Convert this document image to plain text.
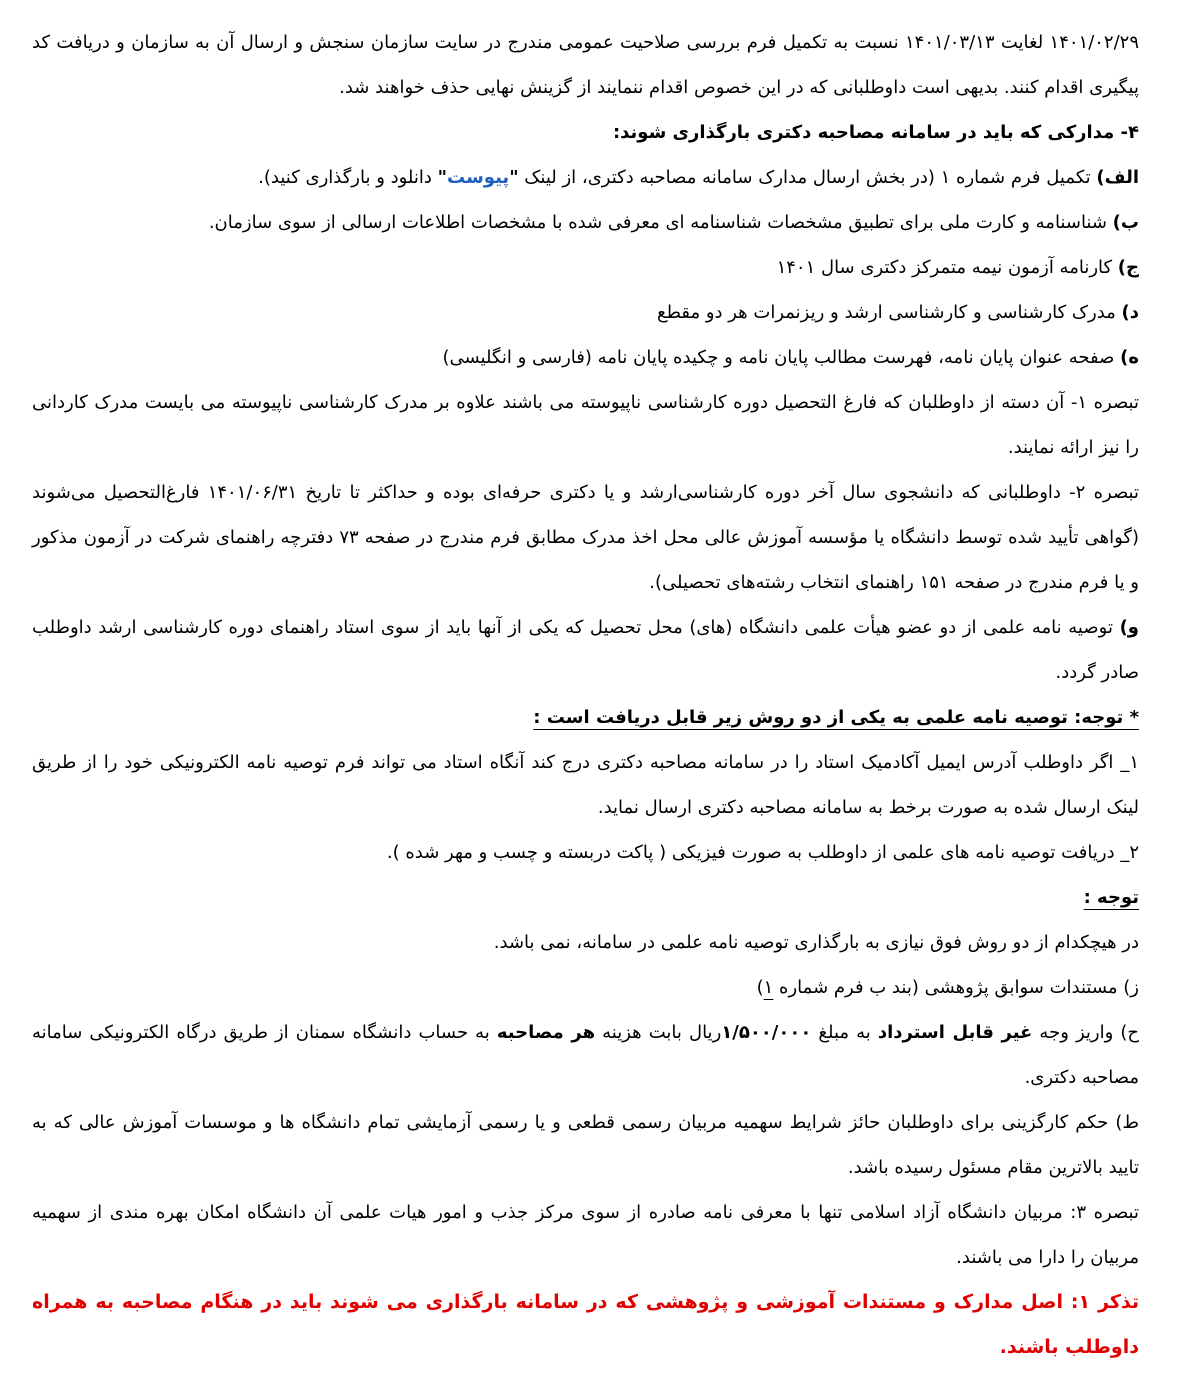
۱۴۰۱/۰۲/۲۹ لغایت ۱۴۰۱/۰۳/۱۳ نسبت به تکمیل فرم بررسی صلاحیت عمومی مندرج در سایت سازمان سنجش و ارسال آن به سازمان و دریافت کد پیگیری اقدام کنند. بدیهی است داوطلبانی که در این خصوص اقدام ننمایند از گزینش نهایی حذف خواهند شد.

۴- مدارکی که باید در سامانه مصاحبه دکتری بارگذاری شوند:

الف) تکمیل فرم شماره ۱ (در بخش ارسال مدارک سامانه مصاحبه دکتری، از لینک "پیوست" دانلود و بارگذاری کنید).

ب) شناسنامه و کارت ملی برای تطبیق مشخصات شناسنامه ای معرفی شده با مشخصات اطلاعات ارسالی از سوی سازمان.

ج) کارنامه آزمون نیمه متمرکز دکتری سال ۱۴۰۱

د) مدرک کارشناسی و کارشناسی ارشد و ریزنمرات هر دو مقطع

ه) صفحه عنوان پایان نامه، فهرست مطالب پایان نامه و چکیده پایان نامه (فارسی و انگلیسی)

تبصره ۱- آن دسته از داوطلبان که فارغ التحصیل دوره کارشناسی ناپیوسته می باشند علاوه بر مدرک کارشناسی ناپیوسته می بایست مدرک کاردانی را نیز ارائه نمایند.

تبصره ۲- داوطلبانی که دانشجوی سال آخر دوره کارشناسی‌ارشد و یا دکتری حرفه‌ای بوده و حداکثر تا تاریخ ۱۴۰۱/۰۶/۳۱ فارغ‌التحصیل می‌شوند (گواهی تأیید شده توسط دانشگاه یا مؤسسه آموزش عالی محل اخذ مدرک مطابق فرم مندرج در صفحه ۷۳ دفترچه راهنمای شرکت در آزمون مذکور و یا فرم مندرج در صفحه ۱۵۱ راهنمای انتخاب رشته‌های تحصیلی).

و) توصیه نامه علمی از دو عضو هیأت علمی دانشگاه (های) محل تحصیل که یکی از آنها باید از سوی استاد راهنمای دوره کارشناسی ارشد داوطلب صادر گردد.

* توجه: توصیه نامه علمی به یکی از دو روش زیر قابل دریافت است :

۱_ اگر داوطلب آدرس ایمیل آکادمیک استاد را در سامانه مصاحبه دکتری درج کند آنگاه استاد می تواند فرم توصیه نامه الکترونیکی خود را از طریق لینک ارسال شده به صورت برخط به سامانه مصاحبه دکتری ارسال نماید.

۲_ دریافت توصیه نامه های علمی از داوطلب به صورت فیزیکی ( پاکت دربسته و چسب و مهر شده ).

توجه :

در هیچکدام از دو روش فوق نیازی به بارگذاری توصیه نامه علمی در سامانه، نمی باشد.

ز) مستندات سوابق پژوهشی (بند ب فرم شماره ۱)

ح) واریز وجه غیر قابل استرداد به مبلغ ۱/۵۰۰/۰۰۰ریال بابت هزینه هر مصاحبه به حساب دانشگاه سمنان از طریق درگاه الکترونیکی سامانه مصاحبه دکتری.

ط) حکم کارگزینی برای داوطلبان حائز شرایط سهمیه مربیان رسمی قطعی و یا رسمی آزمایشی تمام دانشگاه ها و موسسات آموزش عالی که به تایید بالاترین مقام مسئول رسیده باشد.

تبصره ۳: مربیان دانشگاه آزاد اسلامی تنها با معرفی نامه صادره از سوی مرکز جذب و امور هیات علمی آن دانشگاه امکان بهره مندی از سهمیه مربیان را دارا می باشند.

تذکر ۱: اصل مدارک و مستندات آموزشی و پژوهشی که در سامانه بارگذاری می شوند باید در هنگام مصاحبه به همراه داوطلب باشند.
